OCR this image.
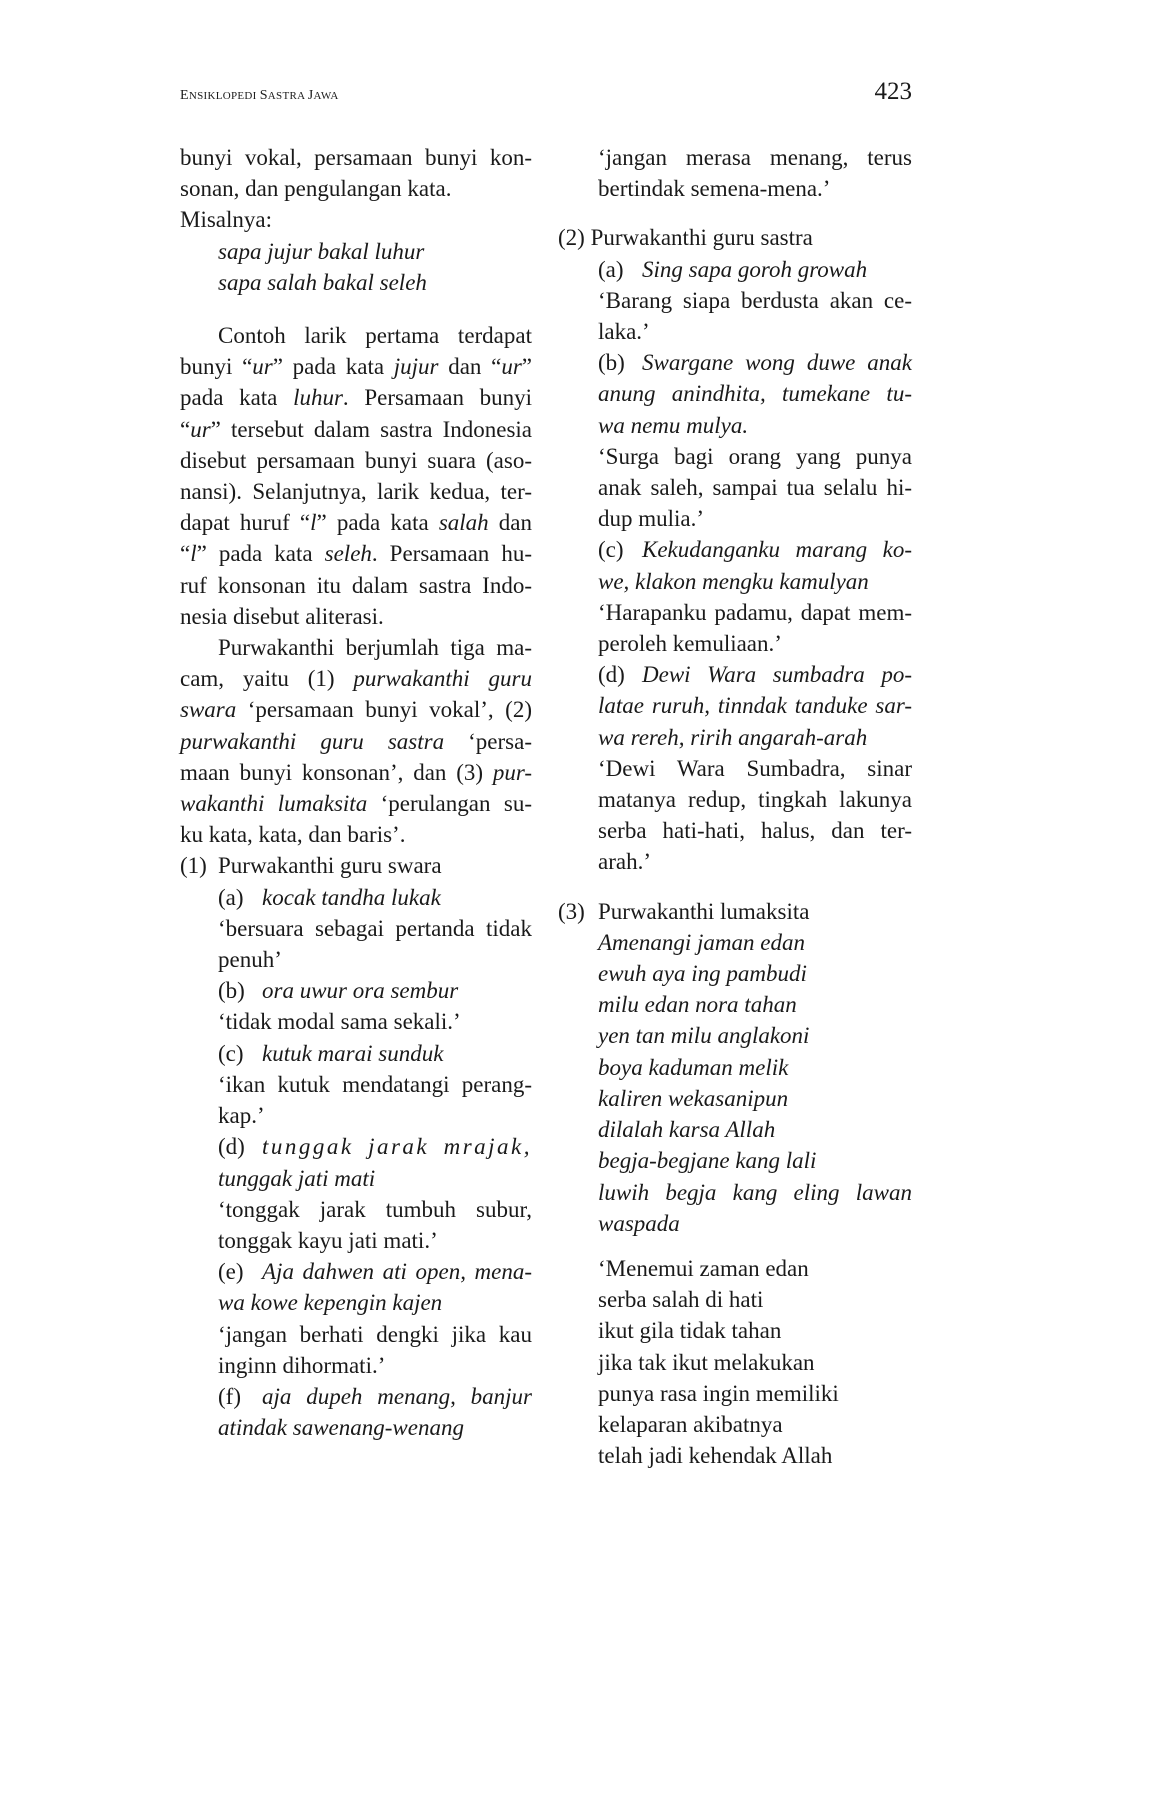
ENSIKLOPEDI SASTRA JAWA	423
bunyi vokal, persamaan bunyi kon-
sonan, dan pengulangan kata.
Misalnya:
sapa jujur bakal luhur
sapa salah bakal seleh
Contoh larik pertama terdapat
bunyi “ur” pada kata jujur dan “ur”
pada kata luhur. Persamaan bunyi
“ur” tersebut dalam sastra Indonesia
disebut persamaan bunyi suara (aso-
nansi). Selanjutnya, larik kedua, ter-
dapat huruf “l” pada kata salah dan
“l” pada kata seleh. Persamaan hu-
ruf konsonan itu dalam sastra Indo-
nesia disebut aliterasi.
Purwakanthi berjumlah tiga ma-
cam, yaitu (1) purwakanthi guru
swara ‘persamaan bunyi vokal’, (2)
purwakanthi guru sastra ‘persa-
maan bunyi konsonan’, dan (3) pur-
wakanthi lumaksita ‘perulangan su-
ku kata, kata, dan baris’.
(1) Purwakanthi guru swara
(a) kocak tandha lukak
‘bersuara sebagai pertanda tidak
penuh’
(b) ora uwur ora sembur
‘tidak modal sama sekali.’
(c) kutuk marai sunduk
‘ikan kutuk mendatangi perang-
kap.’
(d) tunggak jarak mrajak,
tunggak jati mati
‘tonggak jarak tumbuh subur,
tonggak kayu jati mati.’
(e) Aja dahwen ati open, mena-
wa kowe kepengin kajen
‘jangan berhati dengki jika kau
inginn dihormati.’
(f) aja dupeh menang, banjur
atindak sawenang-wenang
‘jangan merasa menang, terus
bertindak semena-mena.’
(2) Purwakanthi guru sastra
(a) Sing sapa goroh growah
‘Barang siapa berdusta akan ce-
laka.’
(b) Swargane wong duwe anak
anung anindhita, tumekane tu-
wa nemu mulya.
‘Surga bagi orang yang punya
anak saleh, sampai tua selalu hi-
dup mulia.’
(c) Kekudanganku marang ko-
we, klakon mengku kamulyan
‘Harapanku padamu, dapat mem-
peroleh kemuliaan.’
(d) Dewi Wara sumbadra po-
latae ruruh, tinndak tanduke sar-
wa rereh, ririh angarah-arah
‘Dewi Wara Sumbadra, sinar
matanya redup, tingkah lakunya
serba hati-hati, halus, dan ter-
arah.’
(3) Purwakanthi lumaksita
Amenangi jaman edan
ewuh aya ing pambudi
milu edan nora tahan
yen tan milu anglakoni
boya kaduman melik
kaliren wekasanipun
dilalah karsa Allah
begja-begjane kang lali
luwih begja kang eling lawan
waspada
‘Menemui zaman edan
serba salah di hati
ikut gila tidak tahan
jika tak ikut melakukan
punya rasa ingin memiliki
kelaparan akibatnya
telah jadi kehendak Allah
